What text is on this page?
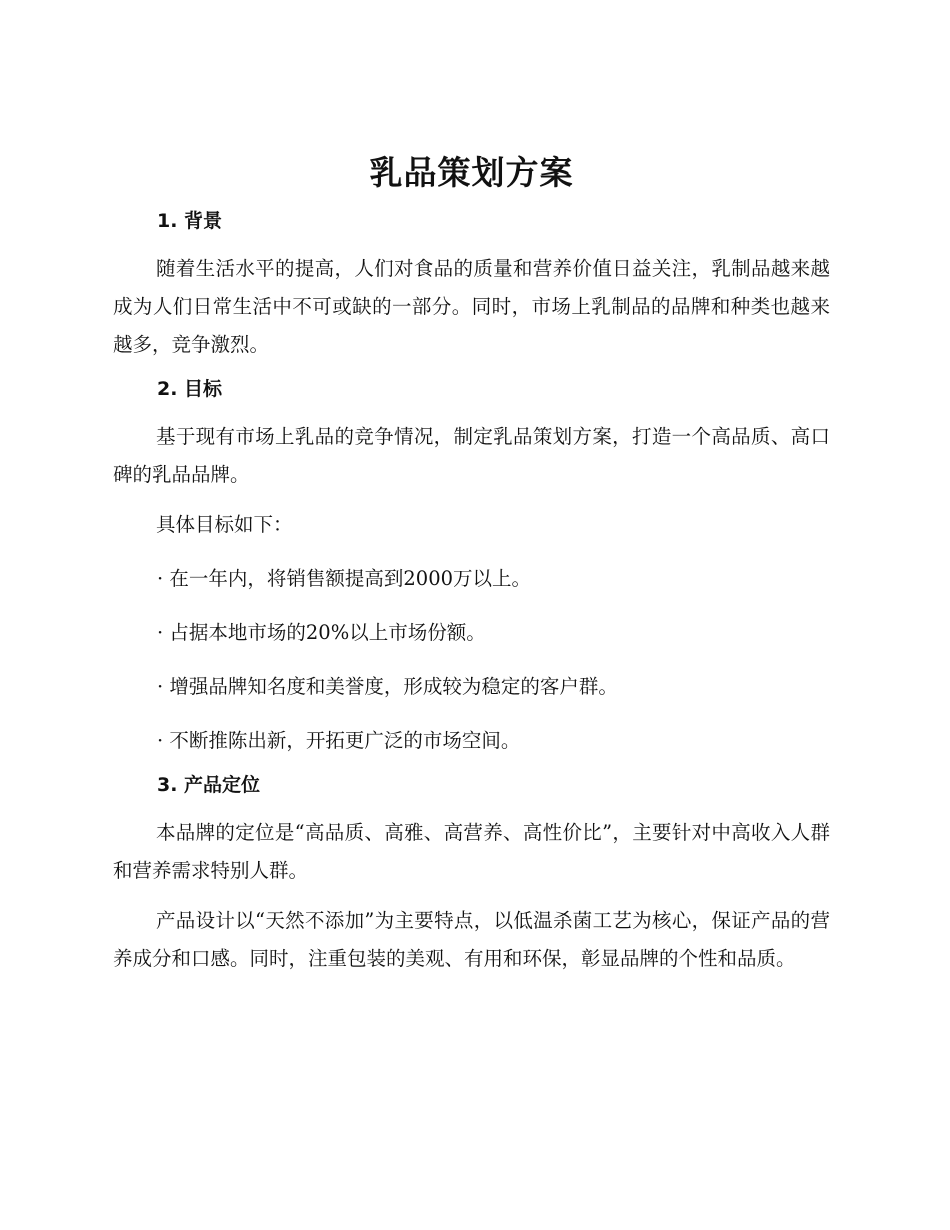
乳品策划方案
1. 背景

随着生活水平的提高，人们对食品的质量和营养价值日益关注，乳制品越来越成为人们日常生活中不可或缺的一部分。同时，市场上乳制品的品牌和种类也越来越多，竞争激烈。

2. 目标

基于现有市场上乳品的竞争情况，制定乳品策划方案，打造一个高品质、高口碑的乳品品牌。

具体目标如下：

· 在一年内，将销售额提高到2000万以上。

· 占据本地市场的20%以上市场份额。

· 增强品牌知名度和美誉度，形成较为稳定的客户群。

· 不断推陈出新，开拓更广泛的市场空间。

3. 产品定位

本品牌的定位是“高品质、高雅、高营养、高性价比”，主要针对中高收入人群和营养需求特别人群。

产品设计以“天然不添加”为主要特点，以低温杀菌工艺为核心，保证产品的营养成分和口感。同时，注重包装的美观、有用和环保，彰显品牌的个性和品质。
